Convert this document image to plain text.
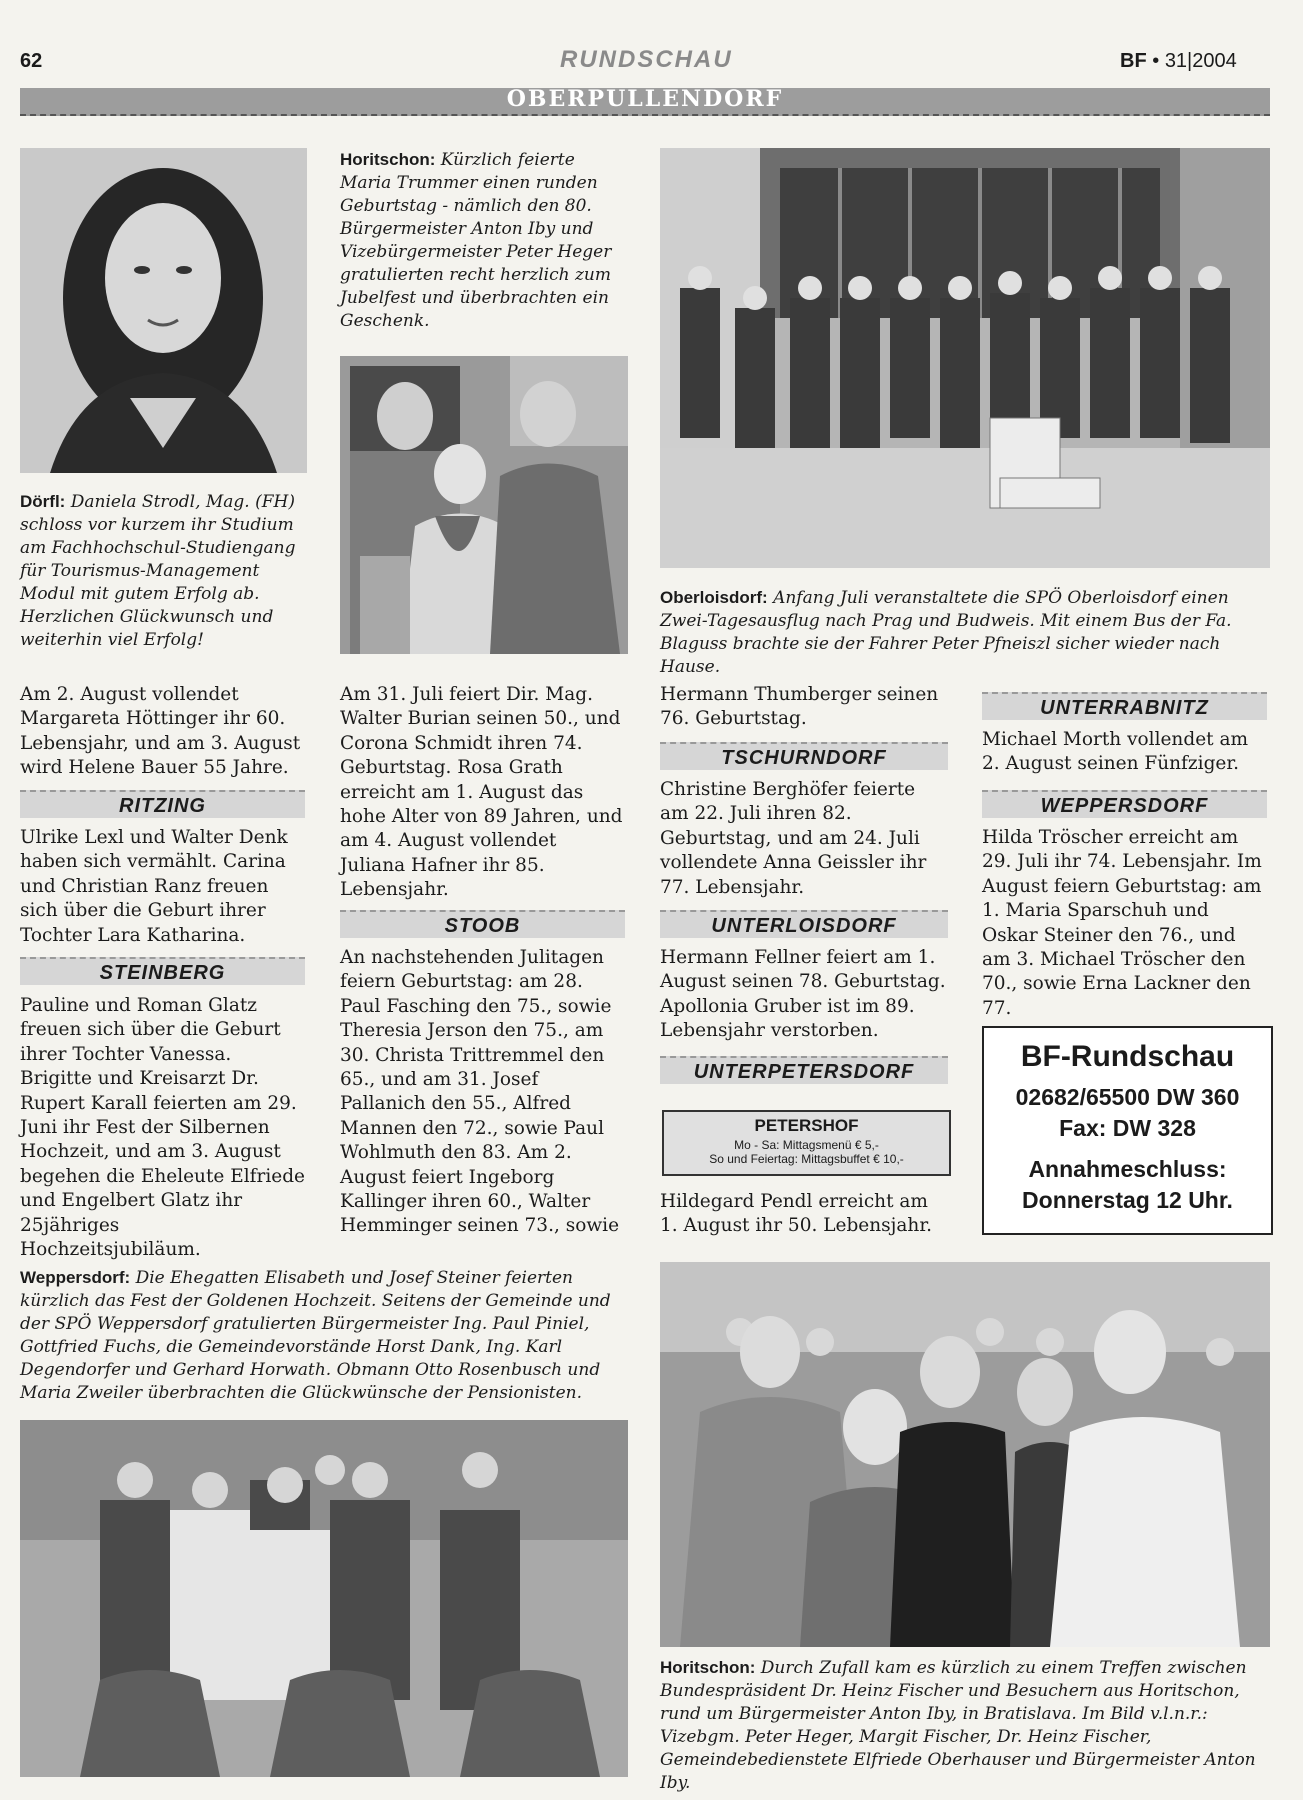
62	RUNDSCHAU	BF • 31|2004
OBERPULLENDORF
Dörfl: Daniela Strodl, Mag. (FH) schloss vor kurzem ihr Studium am Fachhochschul-Studiengang für Tourismus-Management Modul mit gutem Erfolg ab. Herzlichen Glückwunsch und weiterhin viel Erfolg!
Horitschon: Kürzlich feierte Maria Trummer einen runden Geburtstag - nämlich den 80. Bürgermeister Anton Iby und Vizebürgermeister Peter Heger gratulierten recht herzlich zum Jubelfest und überbrachten ein Geschenk.
Oberloisdorf: Anfang Juli veranstaltete die SPÖ Oberloisdorf einen Zwei-Tagesausflug nach Prag und Budweis. Mit einem Bus der Fa. Blaguss brachte sie der Fahrer Peter Pfneiszl sicher wieder nach Hause.
Am 2. August vollendet Margareta Höttinger ihr 60. Lebensjahr, und am 3. August wird Helene Bauer 55 Jahre.
RITZING
Ulrike Lexl und Walter Denk haben sich vermählt. Carina und Christian Ranz freuen sich über die Geburt ihrer Tochter Lara Katharina.
STEINBERG
Pauline und Roman Glatz freuen sich über die Geburt ihrer Tochter Vanessa. Brigitte und Kreisarzt Dr. Rupert Karall feierten am 29. Juni ihr Fest der Silbernen Hochzeit, und am 3. August begehen die Eheleute Elfriede und Engelbert Glatz ihr 25jähriges Hochzeitsjubiläum.
Am 31. Juli feiert Dir. Mag. Walter Burian seinen 50., und Corona Schmidt ihren 74. Geburtstag. Rosa Grath erreicht am 1. August das hohe Alter von 89 Jahren, und am 4. August vollendet Juliana Hafner ihr 85. Lebensjahr.
STOOB
An nachstehenden Julitagen feiern Geburtstag: am 28. Paul Fasching den 75., sowie Theresia Jerson den 75., am 30. Christa Trittremmel den 65., und am 31. Josef Pallanich den 55., Alfred Mannen den 72., sowie Paul Wohlmuth den 83. Am 2. August feiert Ingeborg Kallinger ihren 60., Walter Hemminger seinen 73., sowie
Hermann Thumberger seinen 76. Geburtstag.
TSCHURNDORF
Christine Berghöfer feierte am 22. Juli ihren 82. Geburtstag, und am 24. Juli vollendete Anna Geissler ihr 77. Lebensjahr.
UNTERLOISDORF
Hermann Fellner feiert am 1. August seinen 78. Geburtstag. Apollonia Gruber ist im 89. Lebensjahr verstorben.
UNTERPETERSDORF
PETERSHOF
Mo - Sa: Mittagsmenü € 5,-
So und Feiertag: Mittagsbuffet € 10,-
Hildegard Pendl erreicht am 1. August ihr 50. Lebensjahr.
UNTERRABNITZ
Michael Morth vollendet am 2. August seinen Fünfziger.
WEPPERSDORF
Hilda Tröscher erreicht am 29. Juli ihr 74. Lebensjahr. Im August feiern Geburtstag: am 1. Maria Sparschuh und Oskar Steiner den 76., und am 3. Michael Tröscher den 70., sowie Erna Lackner den 77.
BF-Rundschau
02682/65500 DW 360
Fax: DW 328
Annahmeschluss:
Donnerstag 12 Uhr.
Weppersdorf: Die Ehegatten Elisabeth und Josef Steiner feierten kürzlich das Fest der Goldenen Hochzeit. Seitens der Gemeinde und der SPÖ Weppersdorf gratulierten Bürgermeister Ing. Paul Piniel, Gottfried Fuchs, die Gemeindevorstände Horst Dank, Ing. Karl Degendorfer und Gerhard Horwath. Obmann Otto Rosenbusch und Maria Zweiler überbrachten die Glückwünsche der Pensionisten.
Horitschon: Durch Zufall kam es kürzlich zu einem Treffen zwischen Bundespräsident Dr. Heinz Fischer und Besuchern aus Horitschon, rund um Bürgermeister Anton Iby, in Bratislava. Im Bild v.l.n.r.: Vizebgm. Peter Heger, Margit Fischer, Dr. Heinz Fischer, Gemeindebedienstete Elfriede Oberhauser und Bürgermeister Anton Iby.
